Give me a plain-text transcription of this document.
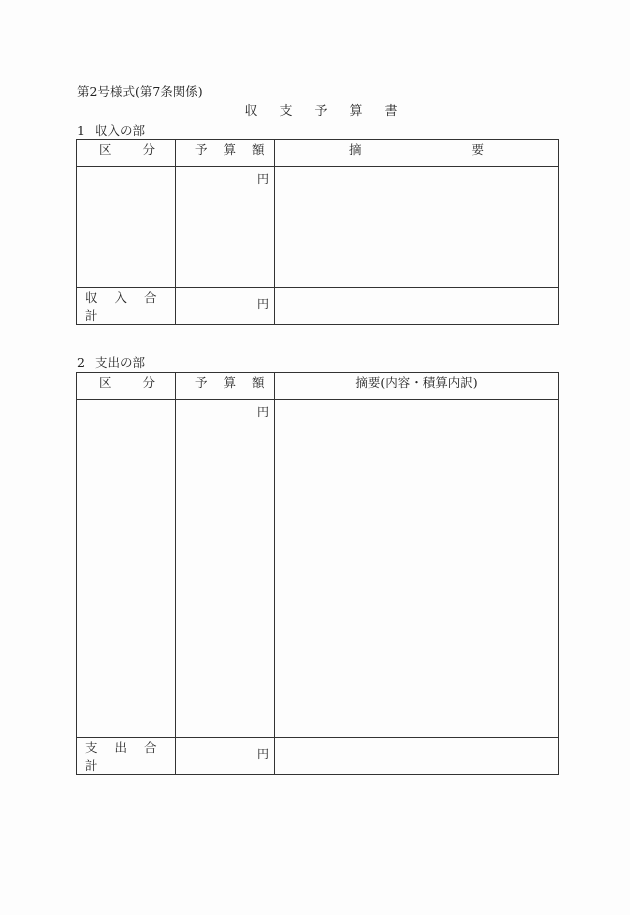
第2号様式(第7条関係)
収 支 予 算 書
1 収入の部
区 分	予 算 額	摘 要

	円	

収 入 合計	円	

2 支出の部
区 分	予 算 額	摘要(内容・積算内訳)

	円	

支 出 合計	円	
